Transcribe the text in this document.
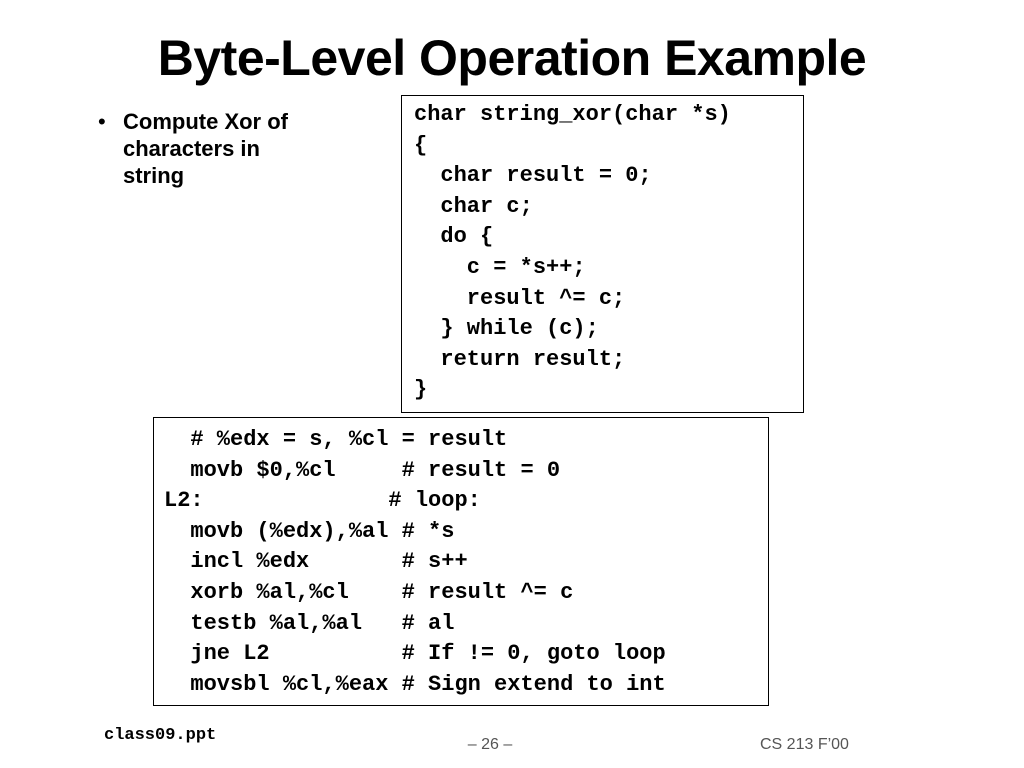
Byte-Level Operation Example
• Compute Xor of
characters in
string
char string_xor(char *s)
{
char result = 0;
char c;
do {
c = *s++;
result ^= c;
} while (c);
return result;
}
# %edx = s, %cl = result
movb $0,%cl     # result = 0
L2:              # loop:
movb (%edx),%al # *s
incl %edx       # s++
xorb %al,%cl    # result ^= c
testb %al,%al   # al
jne L2          # If != 0, goto loop
movsbl %cl,%eax # Sign extend to int
class09.ppt	– 26 –	CS 213 F’00
